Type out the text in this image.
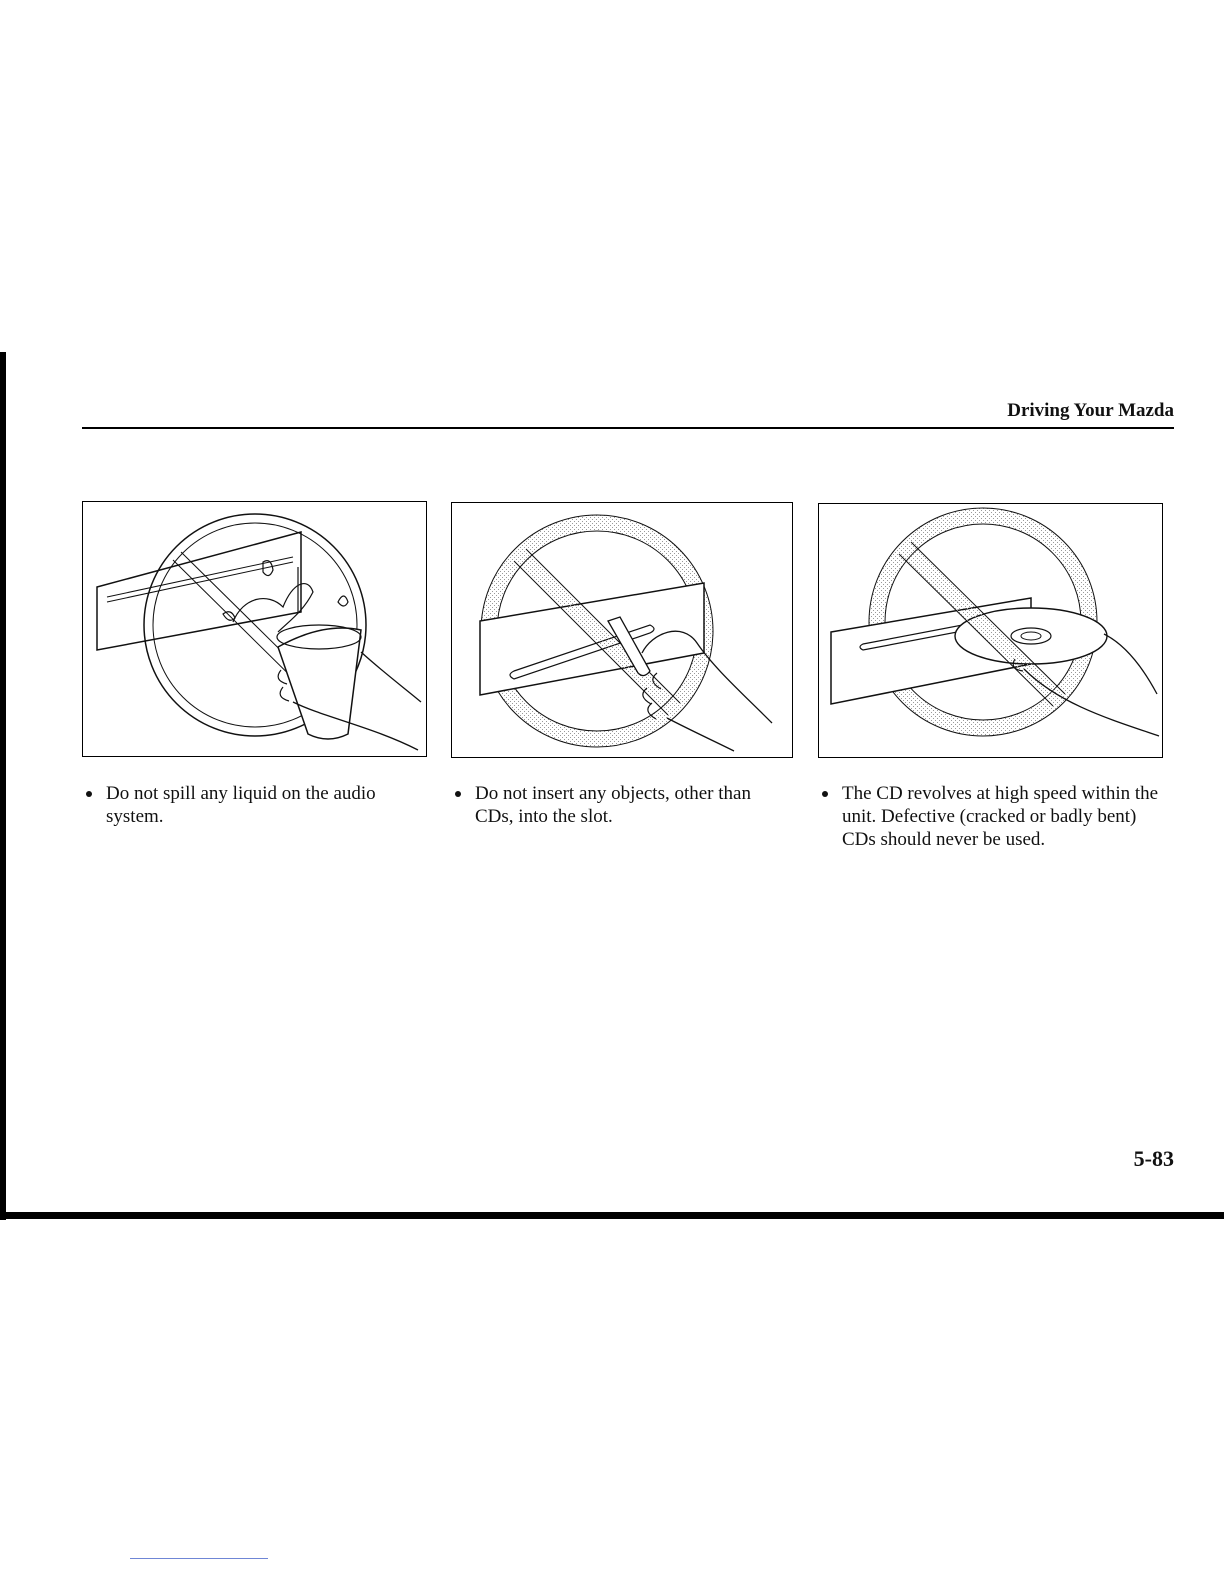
Driving Your Mazda
Do not spill any liquid on the audio system.
Do not insert any objects, other than CDs, into the slot.
The CD revolves at high speed within the unit. Defective (cracked or badly bent) CDs should never be used.
5-83
